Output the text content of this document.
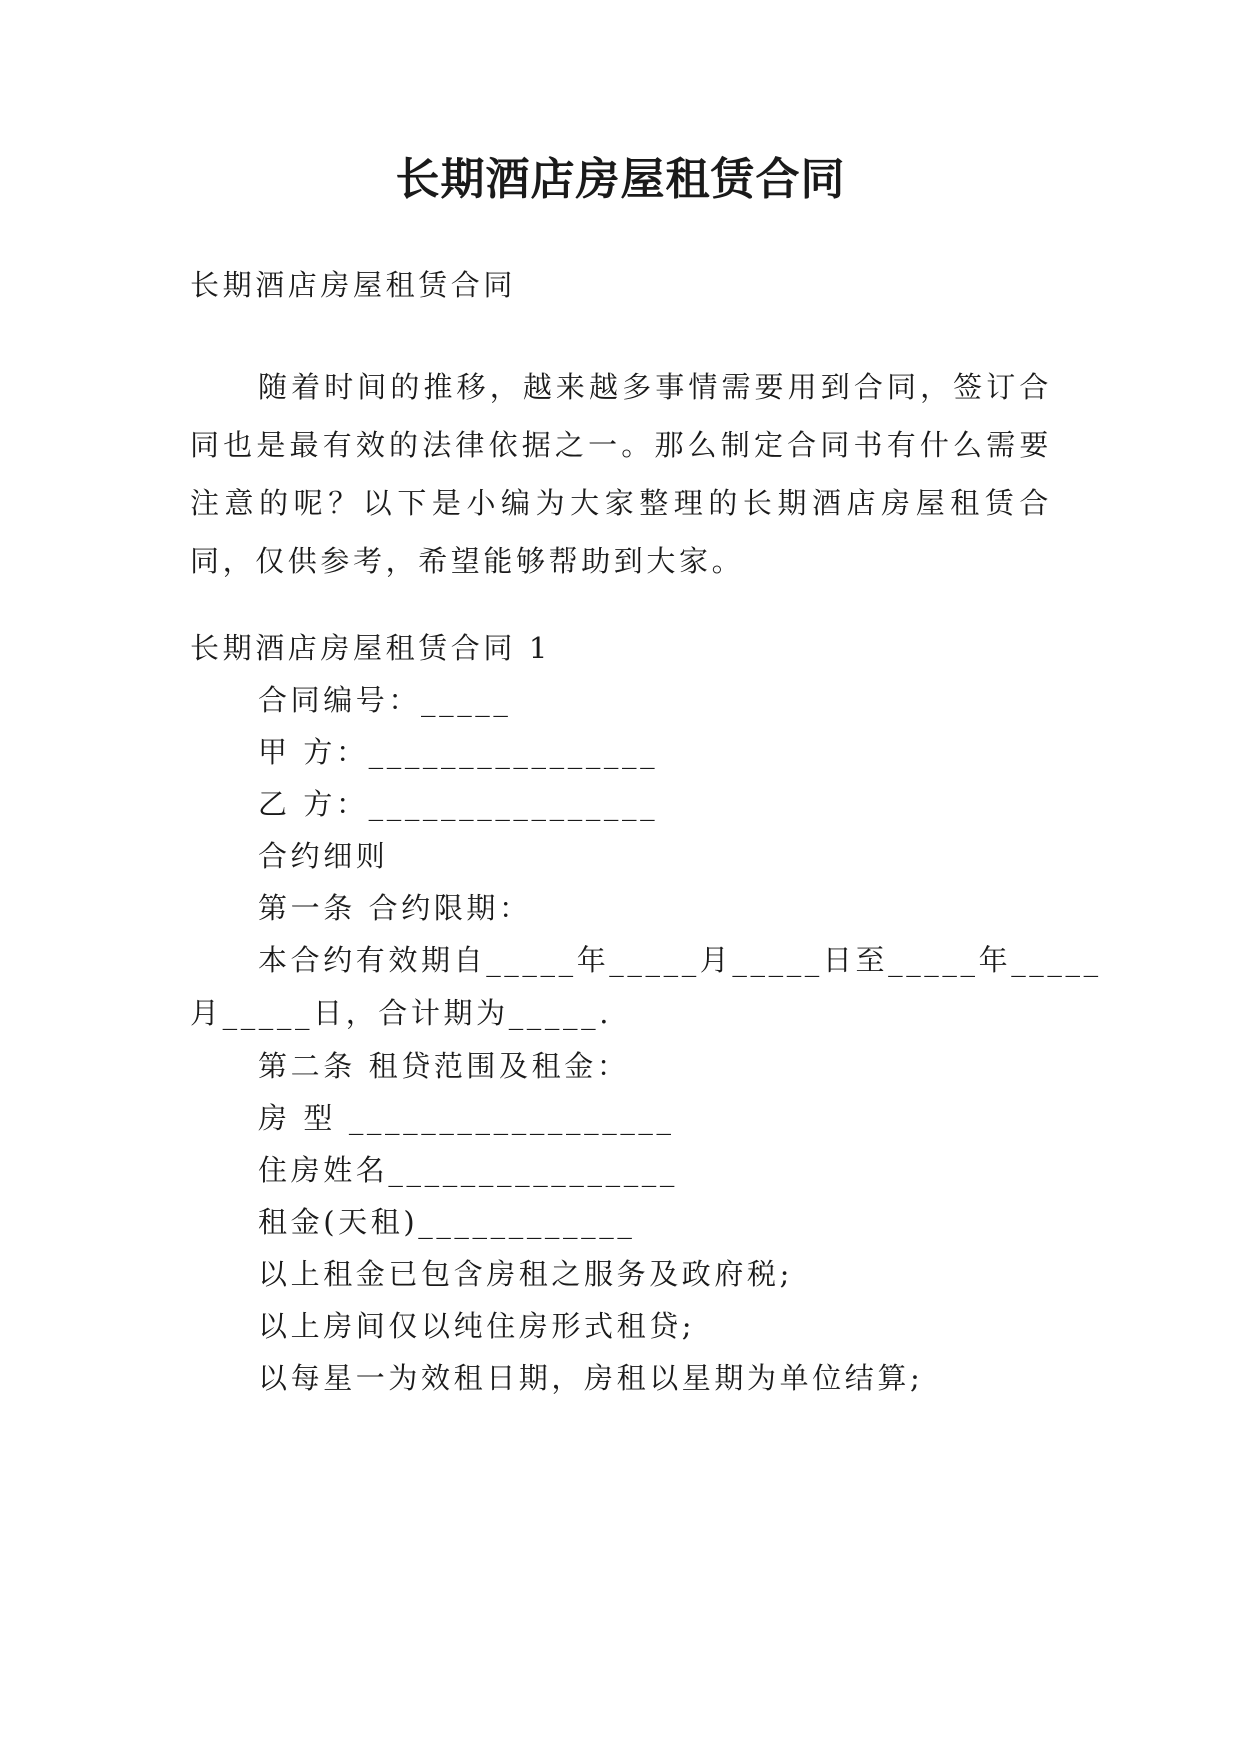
长期酒店房屋租赁合同
长期酒店房屋租赁合同

随着时间的推移，越来越多事情需要用到合同，签订合同也是最有效的法律依据之一。那么制定合同书有什么需要注意的呢？以下是小编为大家整理的长期酒店房屋租赁合同，仅供参考，希望能够帮助到大家。

长期酒店房屋租赁合同 1
合同编号：_____
甲 方：________________
乙 方：________________
合约细则
第一条 合约限期：
本合约有效期自_____年_____月_____日至_____年_____
月_____日，合计期为_____.
第二条 租贷范围及租金：
房 型 __________________
住房姓名________________
租金(天租)____________
以上租金已包含房租之服务及政府税;
以上房间仅以纯住房形式租贷;
以每星一为效租日期，房租以星期为单位结算;
